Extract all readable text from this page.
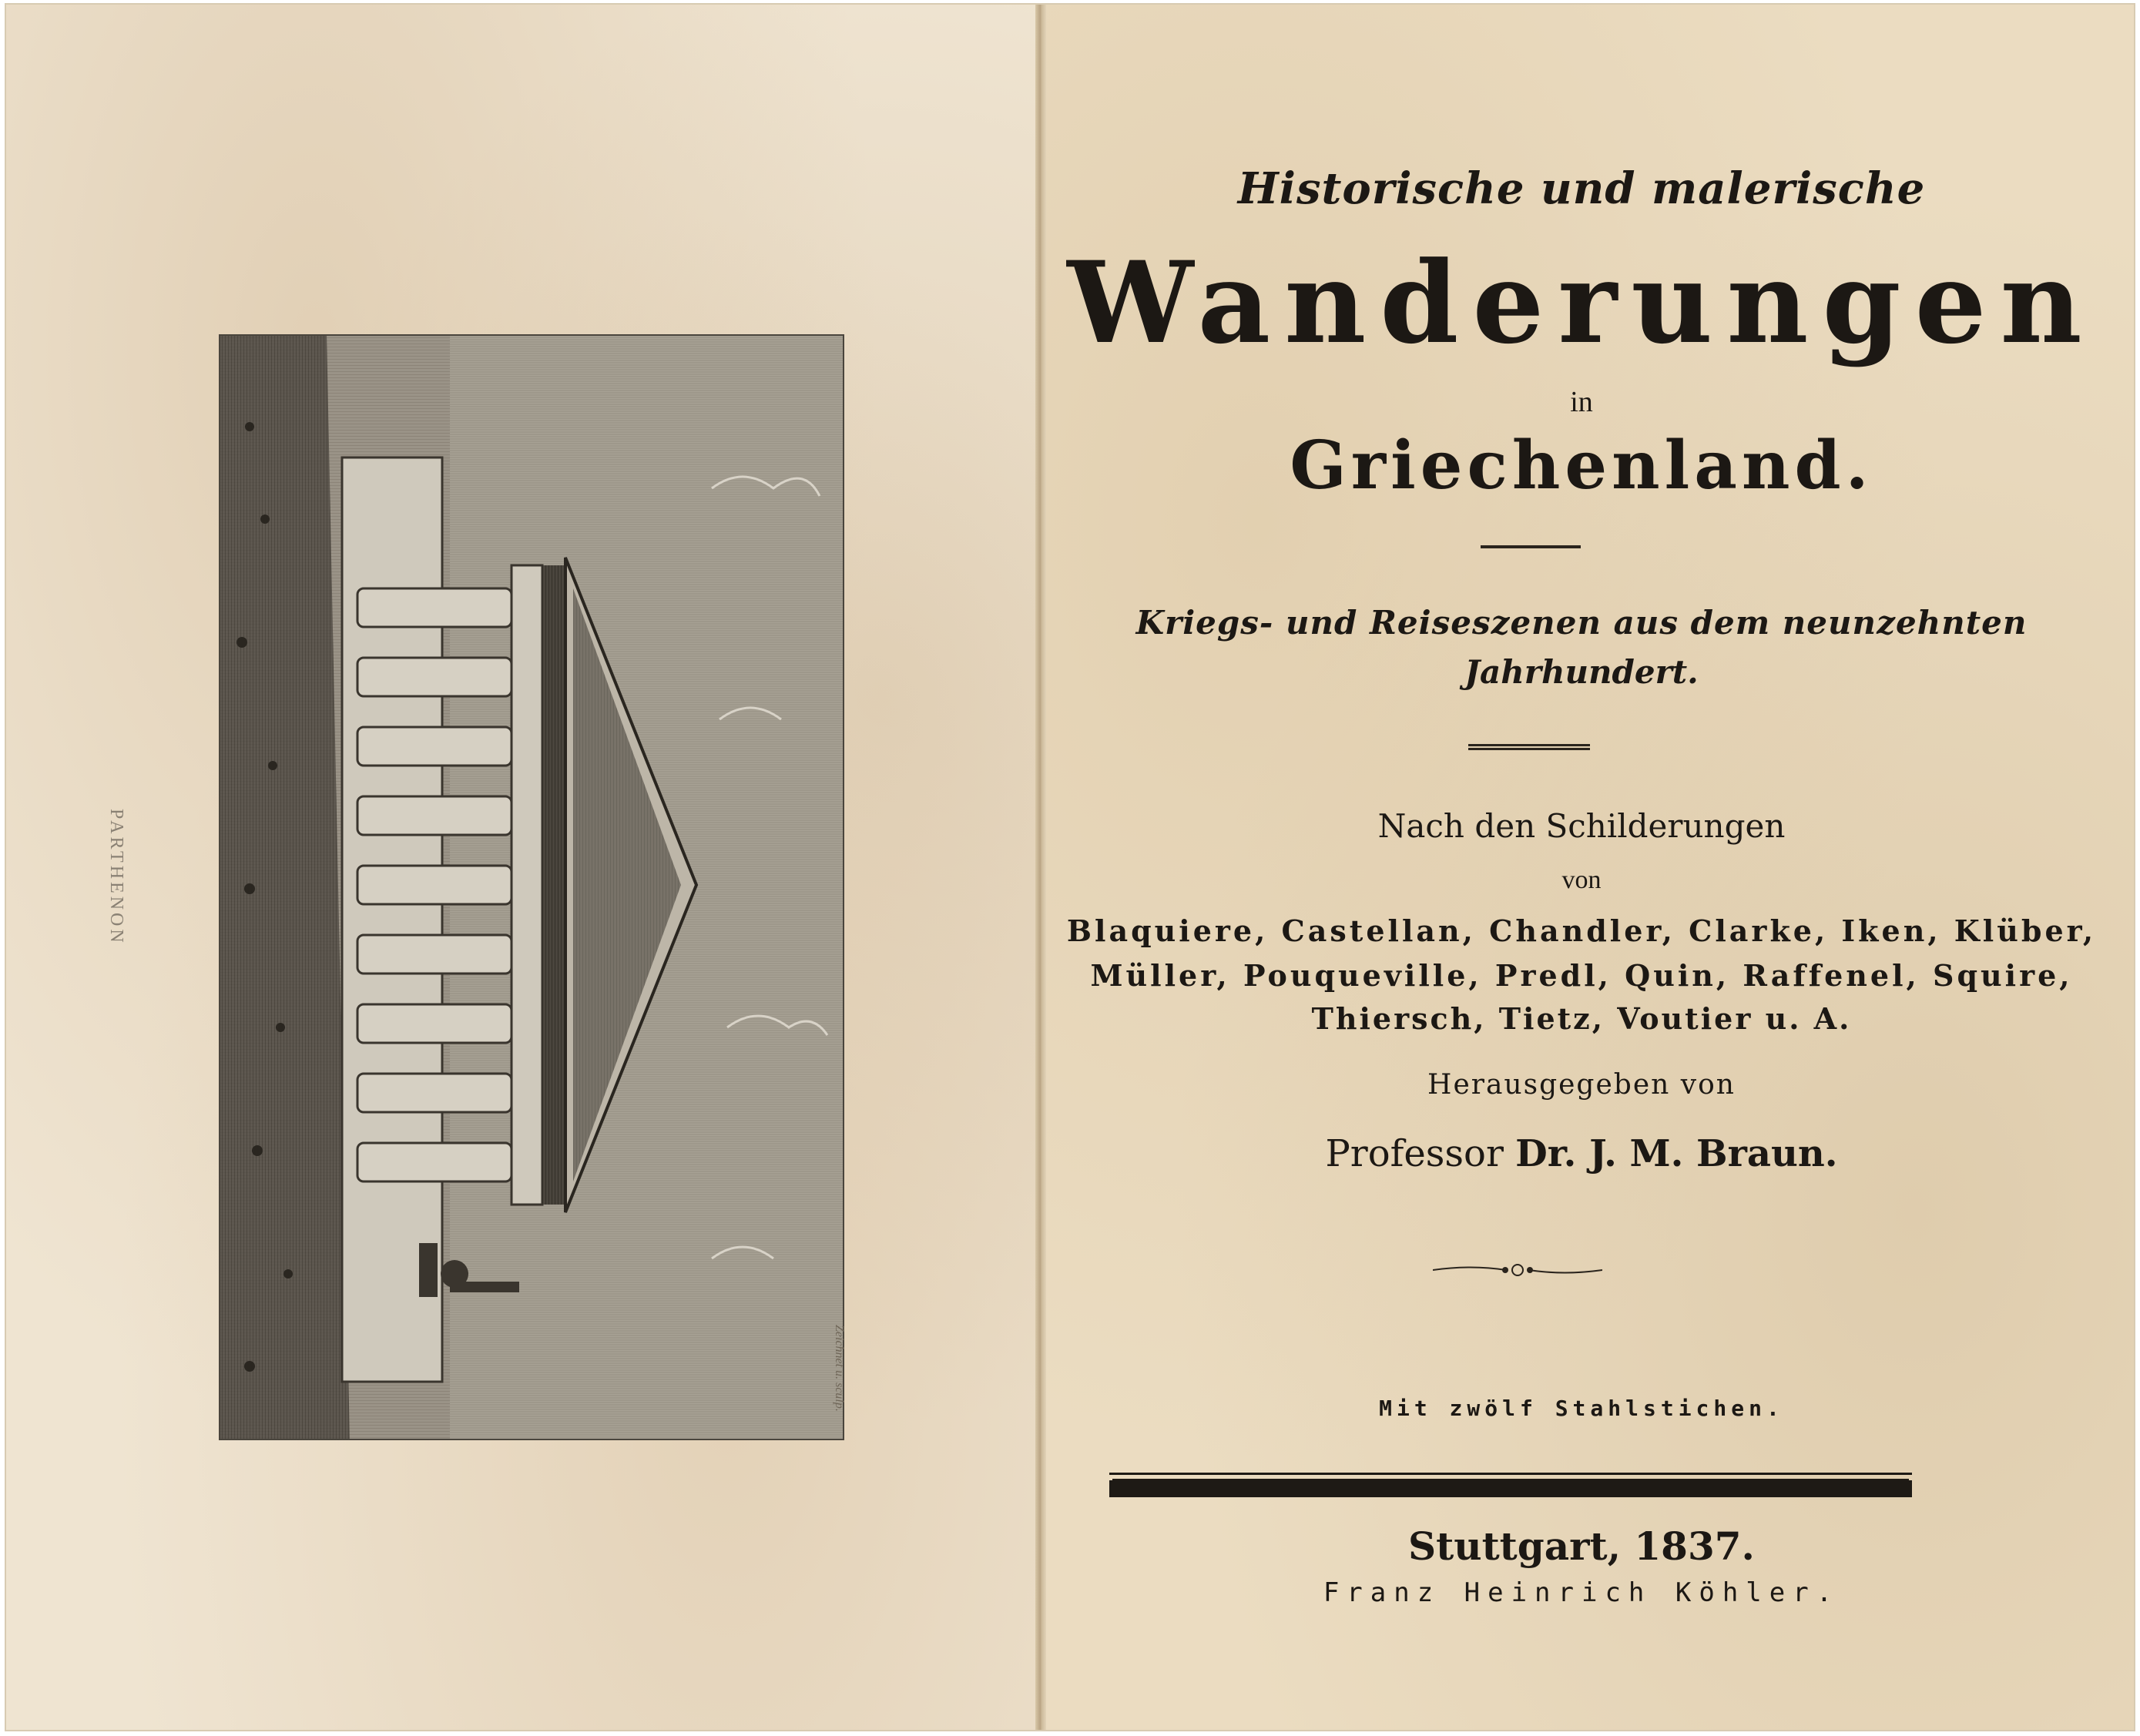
PARTHENON
Zeichnet u. sculp.
Historische und malerische
Wanderungen
in
Griechenland.
Kriegs- und Reiseszenen aus dem neunzehnten
Jahrhundert.
Nach den Schilderungen
von
Blaquiere, Castellan, Chandler, Clarke, Iken, Klüber,
Müller, Pouqueville, Predl, Quin, Raffenel, Squire,
Thiersch, Tietz, Voutier u. A.
Herausgegeben von
Professor Dr. J. M. Braun.
Mit zwölf Stahlstichen.
Stuttgart, 1837.
Franz Heinrich Köhler.
